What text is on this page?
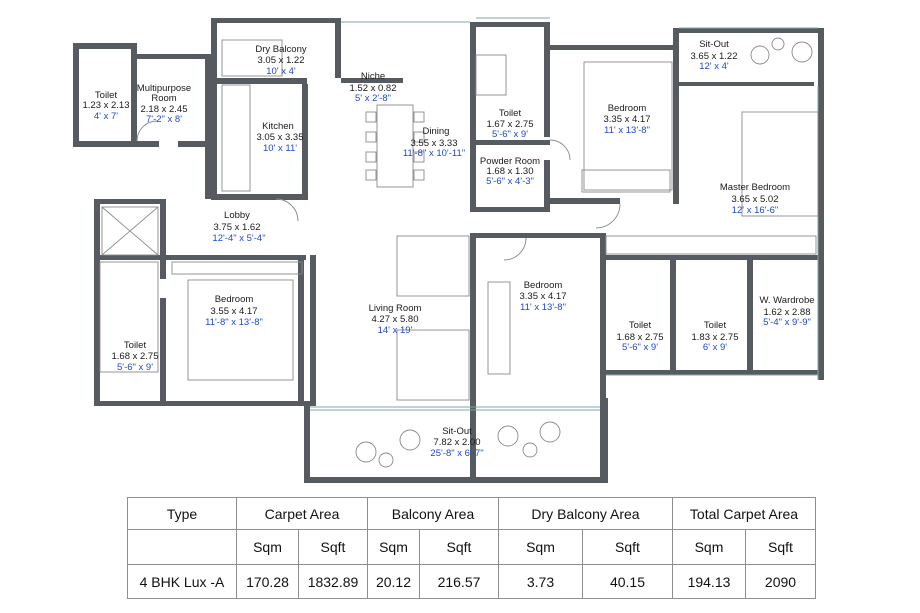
Toilet
1.23 x 2.13
4' x 7'
Multipurpose
Room
2.18 x 2.45
7'-2" x 8'
Dry Balcony
3.05 x 1.22
10' x 4'
Kitchen
3.05 x 3.35
10' x 11'
Niche
1.52 x 0.82
5' x 2'-8"
Dining
3.55 x 3.33
11'-8" x 10'-11"
Toilet
1.67 x 2.75
5'-6" x 9'
Powder Room
1.68 x 1.30
5'-6" x 4'-3"
Bedroom
3.35 x 4.17
11' x 13'-8"
Sit-Out
3.65 x 1.22
12' x 4'
Master Bedroom
3.65 x 5.02
12' x 16'-6"
Lobby
3.75 x 1.62
12'-4" x 5'-4"
Bedroom
3.55 x 4.17
11'-8" x 13'-8"
Toilet
1.68 x 2.75
5'-6" x 9'
Living Room
4.27 x 5.80
14' x 19'
Bedroom
3.35 x 4.17
11' x 13'-8"
Toilet
1.68 x 2.75
5'-6" x 9'
Toilet
1.83 x 2.75
6' x 9'
W. Wardrobe
1.62 x 2.88
5'-4" x 9'-9"
Sit-Out
7.82 x 2.00
25'-8" x 6'-7"
Type	Carpet Area		Balcony Area		Dry Balcony Area		Total Carpet Area	
	Sqm	Sqft	Sqm	Sqft	Sqm	Sqft	Sqm	Sqft
4 BHK Lux -A	170.28	1832.89	20.12	216.57	3.73	40.15	194.13	2090
